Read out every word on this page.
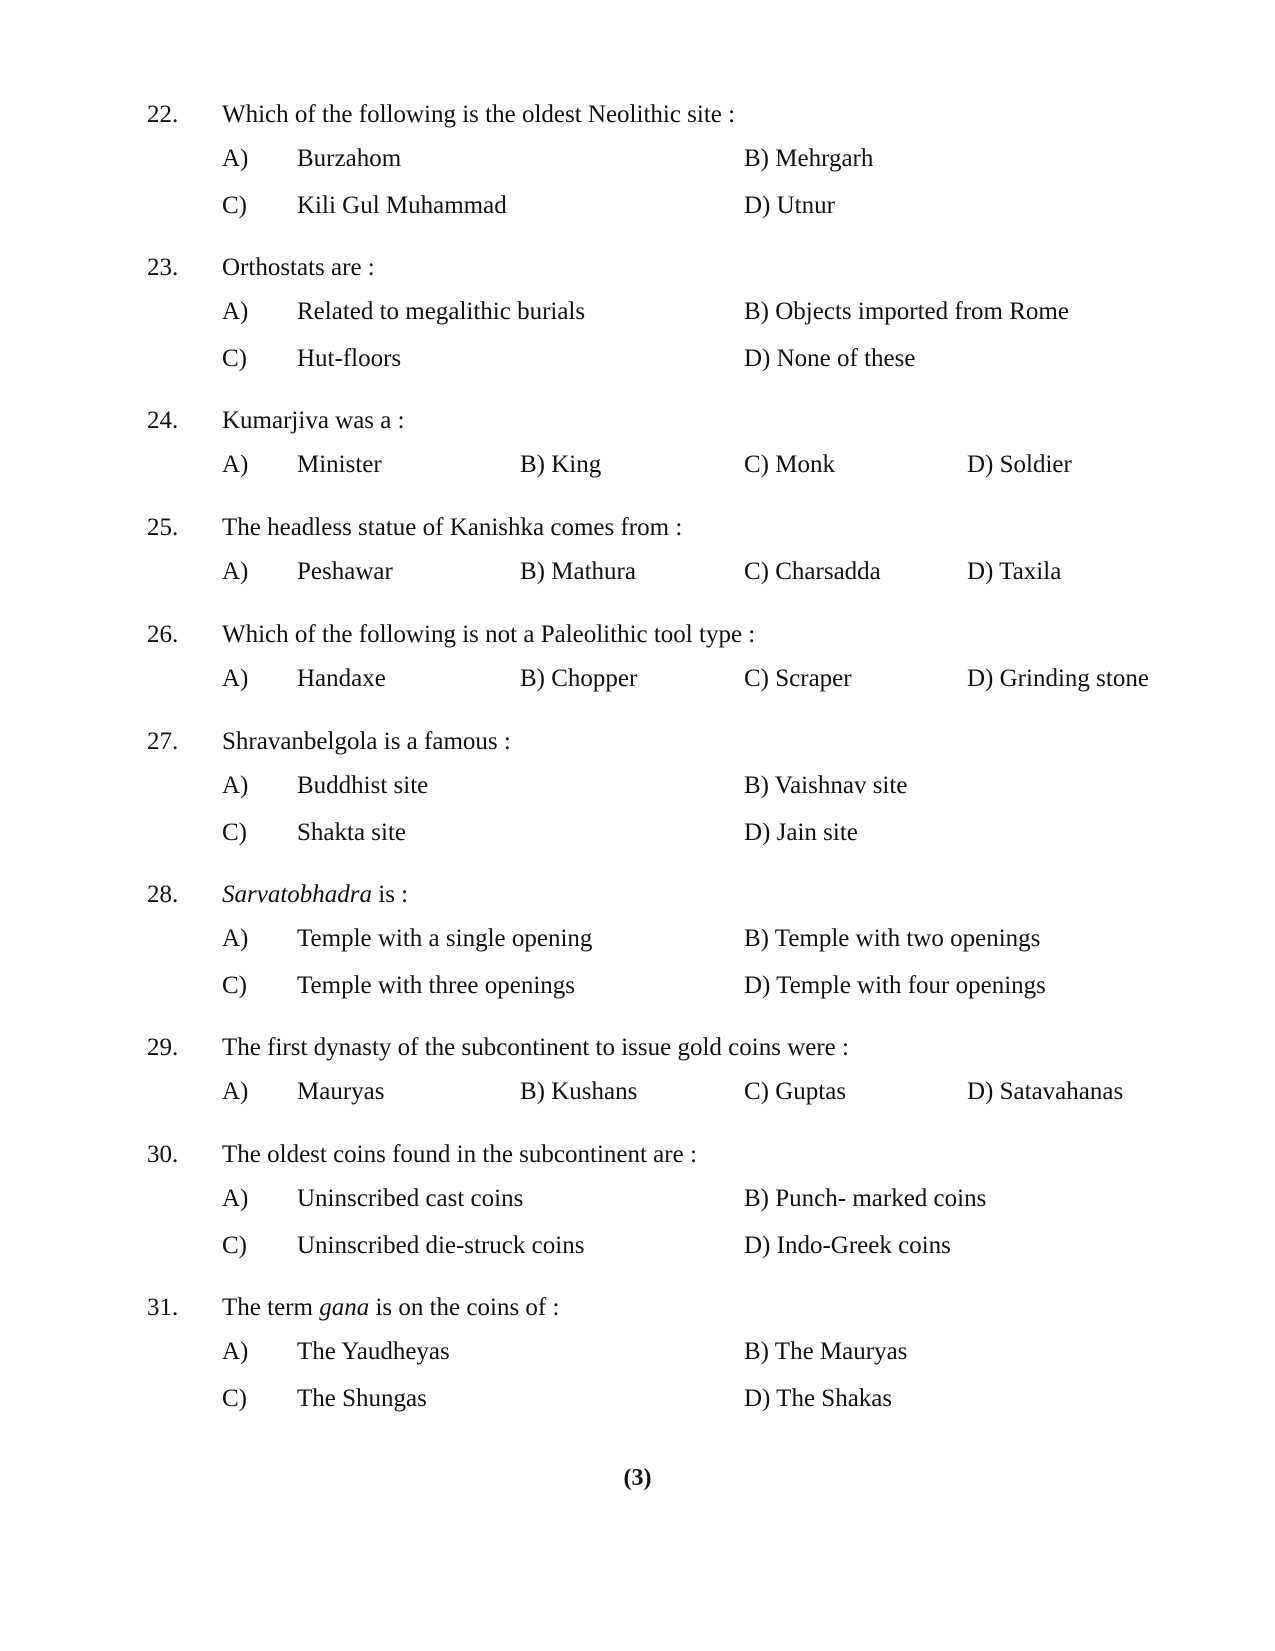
22. Which of the following is the oldest Neolithic site :
A) Burzahom	B) Mehrgarh
C) Kili Gul Muhammad	D) Utnur
23. Orthostats are :
A) Related to megalithic burials	B) Objects imported from Rome
C) Hut-floors	D) None of these
24. Kumarjiva was a :
A) Minister	B) King	C) Monk	D) Soldier
25. The headless statue of Kanishka comes from :
A) Peshawar	B) Mathura	C) Charsadda	D) Taxila
26. Which of the following is not a Paleolithic tool type :
A) Handaxe	B) Chopper	C) Scraper	D) Grinding stone
27. Shravanbelgola is a famous :
A) Buddhist site	B) Vaishnav site
C) Shakta site	D) Jain site
28. Sarvatobhadra is :
A) Temple with a single opening	B) Temple with two openings
C) Temple with three openings	D) Temple with four openings
29. The first dynasty of the subcontinent to issue gold coins were :
A) Mauryas	B) Kushans	C) Guptas	D) Satavahanas
30. The oldest coins found in the subcontinent are :
A) Uninscribed cast coins	B) Punch- marked coins
C) Uninscribed die-struck coins	D) Indo-Greek coins
31. The term gana is on the coins of :
A) The Yaudheyas	B) The Mauryas
C) The Shungas	D) The Shakas
(3)
